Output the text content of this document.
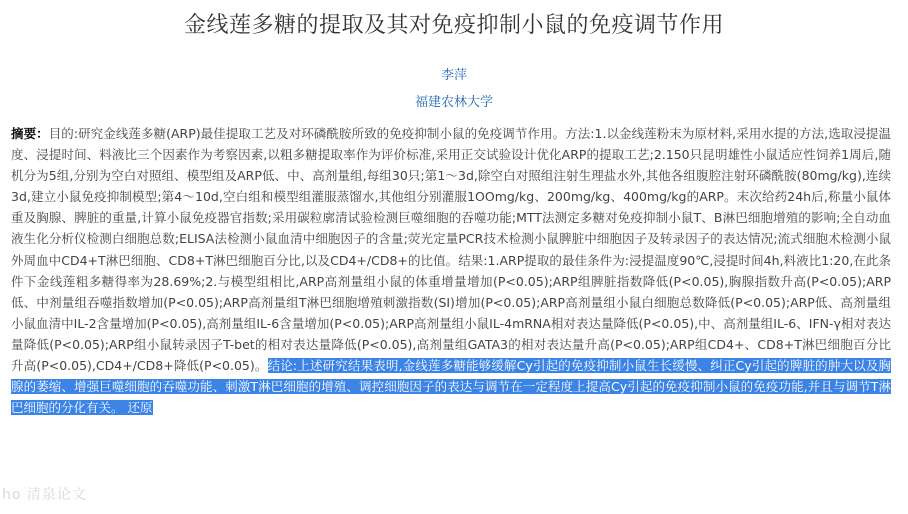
金线莲多糖的提取及其对免疫抑制小鼠的免疫调节作用
李萍
福建农林大学
摘要：目的:研究金线莲多糖(ARP)最佳提取工艺及对环磷酰胺所致的免疫抑制小鼠的免疫调节作用。方法:1.以金线莲粉末为原材料,采用水提的方法,选取浸提温度、浸提时间、料液比三个因素作为考察因素,以粗多糖提取率作为评价标准,采用正交试验设计优化ARP的提取工艺;2.150只昆明雄性小鼠适应性饲养1周后,随机分为5组,分别为空白对照组、模型组及ARP低、中、高剂量组,每组30只;第1～3d,除空白对照组注射生理盐水外,其他各组腹腔注射环磷酰胺(80mg/kg),连续3d,建立小鼠免疫抑制模型;第4～10d,空白组和模型组灌服蒸馏水,其他组分别灌服1OOmg/kg、200mg/kg、400mg/kg的ARP。末次给药24h后,称量小鼠体重及胸腺、脾脏的重量,计算小鼠免疫器官指数;采用碳粒廓清试验检测巨噬细胞的吞噬功能;MTT法测定多糖对免疫抑制小鼠T、B淋巴细胞增殖的影响;全自动血液生化分析仪检测白细胞总数;ELISA法检测小鼠血清中细胞因子的含量;荧光定量PCR技术检测小鼠脾脏中细胞因子及转录因子的表达情况;流式细胞术检测小鼠外周血中CD4+T淋巴细胞、CD8+T淋巴细胞百分比,以及CD4+/CD8+的比值。结果:1.ARP提取的最佳条件为:浸提温度90℃,浸提时间4h,料液比1:20,在此条件下金线莲粗多糖得率为28.69%;2.与模型组相比,ARP高剂量组小鼠的体重增量增加(P<0.05);ARP组脾脏指数降低(P<0.05),胸腺指数升高(P<0.05);ARP低、中剂量组吞噬指数增加(P<0.05);ARP高剂量组T淋巴细胞增殖刺激指数(SI)增加(P<0.05);ARP高剂量组小鼠白细胞总数降低(P<0.05);ARP低、高剂量组小鼠血清中IL-2含量增加(P<0.05),高剂量组IL-6含量增加(P<0.05);ARP高剂量组小鼠IL-4mRNA相对表达量降低(P<0.05),中、高剂量组IL-6、IFN-γ相对表达量降低(P<0.05);ARP组小鼠转录因子T-bet的相对表达量降低(P<0.05),高剂量组GATA3的相对表达量升高(P<0.05);ARP组CD4+、CD8+T淋巴细胞百分比升高(P<0.05),CD4+/CD8+降低(P<0.05)。结论:上述研究结果表明,金线莲多糖能够缓解Cy引起的免疫抑制小鼠生长缓慢、纠正Cy引起的脾脏的肿大以及胸腺的萎缩、增强巨噬细胞的吞噬功能、刺激T淋巴细胞的增殖、调控细胞因子的表达与调节在一定程度上提高Cy引起的免疫抑制小鼠的免疫功能,并且与调节T淋巴细胞的分化有关。 还原
ho 清泉论文
